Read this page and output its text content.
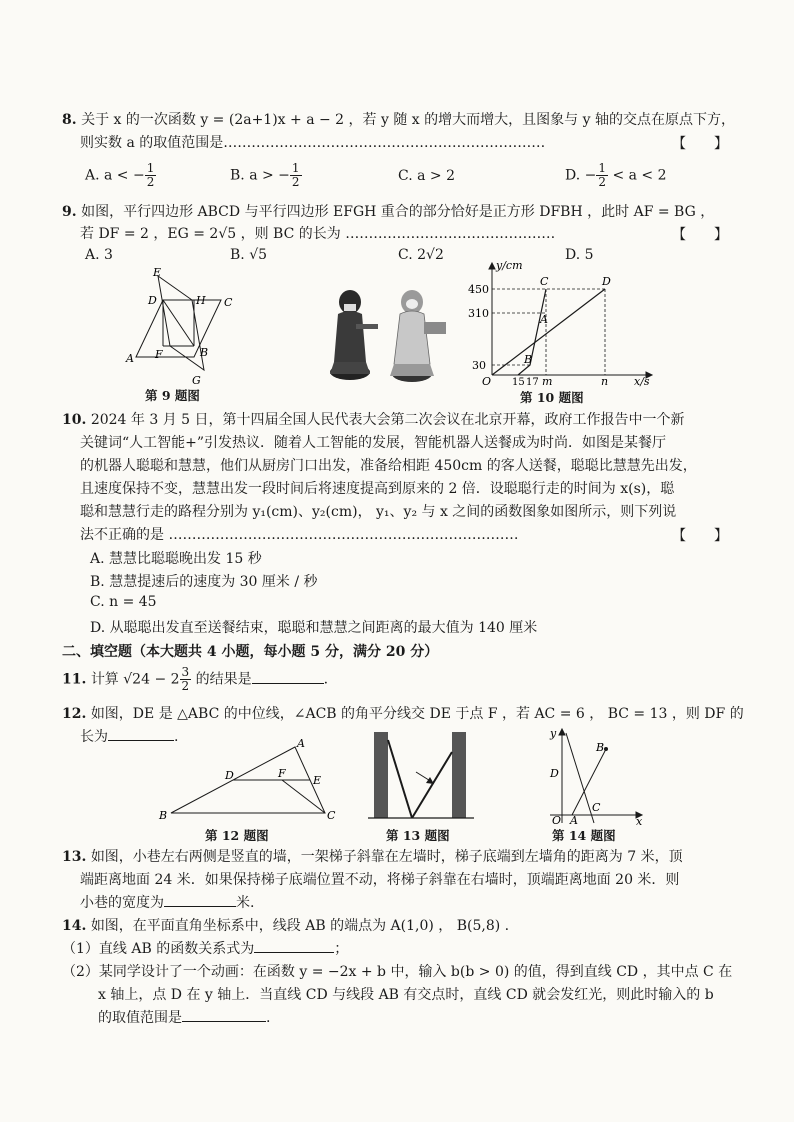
8. 关于 x 的一次函数 y = (2a+1)x + a − 2 ，若 y 随 x 的增大而增大，且图象与 y 轴的交点在原点下方，
则实数 a 的取值范围是……………………………………………………………	【　　】
A. a < − $\frac{1}{2}$	B. a > − $\frac{1}{2}$	C. a > 2	D. − $\frac{1}{2} < a < 2$
9. 如图，平行四边形 ABCD 与平行四边形 EFGH 重合的部分恰好是正方形 DFBH ，此时 AF = BG ，
若 DF = 2 ，EG = 2√5 ，则 BC 的长为 ………………………………………	【　　】
A. 3	B. √5	C. 2√2	D. 5
E
D	H C
A F	B
G
第 9 题图
y/cm
x/s
450
310
30
O 15 17 m	n
C	D
A
B
第 10 题图
10. 2024 年 3 月 5 日，第十四届全国人民代表大会第二次会议在北京开幕，政府工作报告中一个新
关键词“人工智能+”引发热议．随着人工智能的发展，智能机器人送餐成为时尚．如图是某餐厅
的机器人聪聪和慧慧，他们从厨房门口出发，准备给相距 450cm 的客人送餐，聪聪比慧慧先出发，
且速度保持不变，慧慧出发一段时间后将速度提高到原来的 2 倍．设聪聪行走的时间为 x(s)，聪
聪和慧慧行走的路程分别为 y₁(cm)、y₂(cm)， y₁、y₂ 与 x 之间的函数图象如图所示，则下列说
法不正确的是 …………………………………………………………………	【　　】
A. 慧慧比聪聪晚出发 15 秒
B. 慧慧提速后的速度为 30 厘米 / 秒
C. n = 45
D. 从聪聪出发直至送餐结束，聪聪和慧慧之间距离的最大值为 140 厘米
二、填空题（本大题共 4 小题，每小题 5 分，满分 20 分）
11. 计算 $√24 - 2 \frac{3}{2}$ 的结果是	.
12. 如图，DE 是 △ABC 的中位线，∠ACB 的角平分线交 DE 于点 F ，若 AC = 6 ， BC = 13 ，则 DF 的
长为	.	A
D	F
E
B	C
第 12 题图	第 13 题图
y
x
B
D
C
O A
第 14 题图
13. 如图，小巷左右两侧是竖直的墙，一架梯子斜靠在左墙时，梯子底端到左墙角的距离为 7 米，顶
端距离地面 24 米．如果保持梯子底端位置不动，将梯子斜靠在右墙时，顶端距离地面 20 米．则
小巷的宽度为	米.
14. 如图，在平面直角坐标系中，线段 AB 的端点为 A(1,0) ， B(5,8) .
（1）直线 AB 的函数关系式为	；
（2）某同学设计了一个动画：在函数 y = −2x + b 中，输入 b(b > 0) 的值，得到直线 CD ，其中点 C 在
x 轴上，点 D 在 y 轴上．当直线 CD 与线段 AB 有交点时，直线 CD 就会发红光，则此时输入的 b
的取值范围是	.
